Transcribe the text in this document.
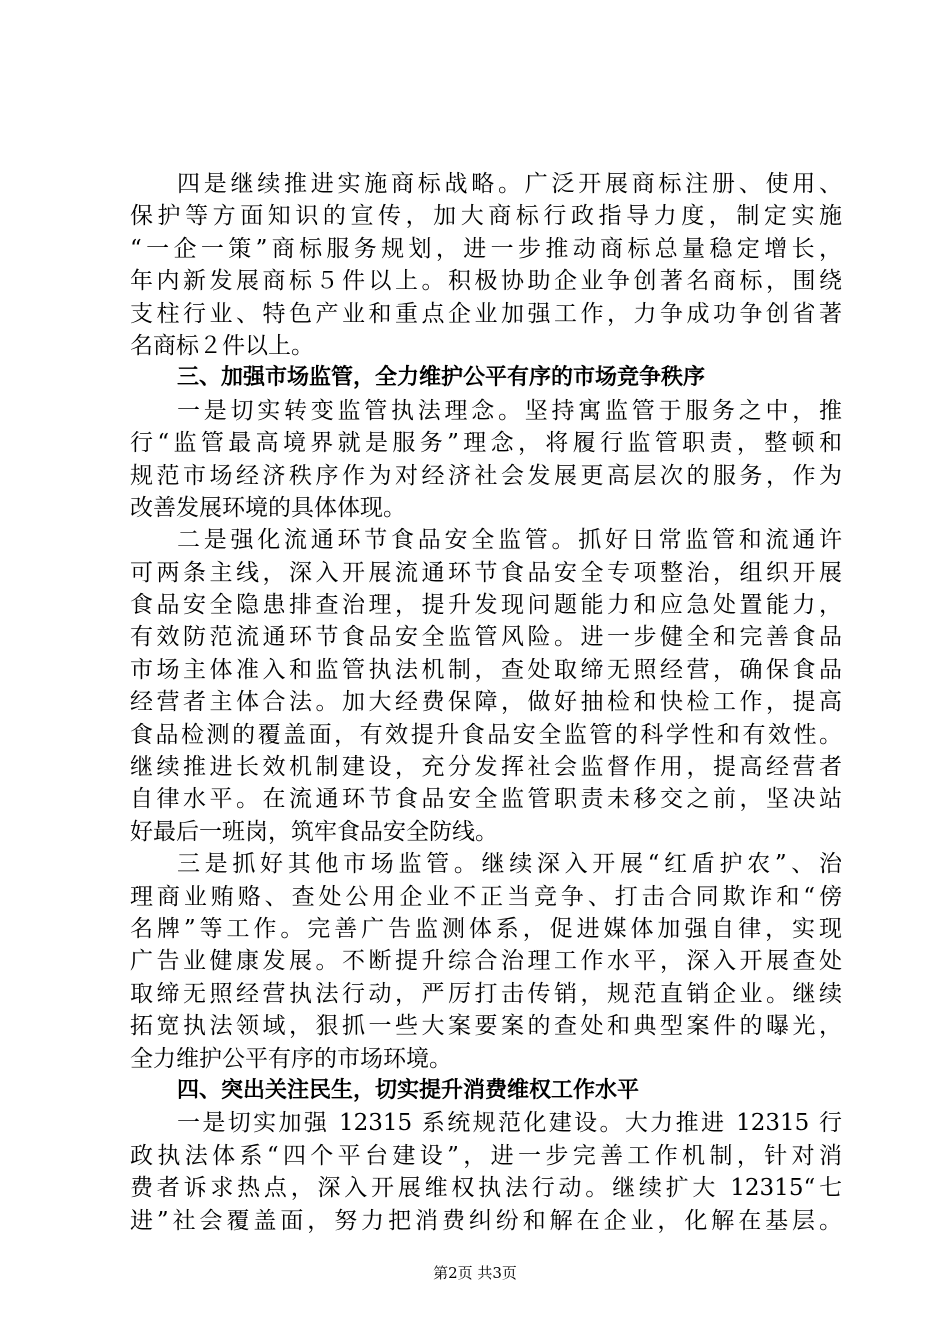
四是继续推进实施商标战略。广泛开展商标注册、使用、
保护等方面知识的宣传，加大商标行政指导力度，制定实施
“一企一策”商标服务规划，进一步推动商标总量稳定增长，
年内新发展商标５件以上。积极协助企业争创著名商标，围绕
支柱行业、特色产业和重点企业加强工作，力争成功争创省著
名商标２件以上。
三、加强市场监管，全力维护公平有序的市场竞争秩序
一是切实转变监管执法理念。坚持寓监管于服务之中，推
行“监管最高境界就是服务”理念，将履行监管职责，整顿和
规范市场经济秩序作为对经济社会发展更高层次的服务，作为
改善发展环境的具体体现。
二是强化流通环节食品安全监管。抓好日常监管和流通许
可两条主线，深入开展流通环节食品安全专项整治，组织开展
食品安全隐患排查治理，提升发现问题能力和应急处置能力，
有效防范流通环节食品安全监管风险。进一步健全和完善食品
市场主体准入和监管执法机制，查处取缔无照经营，确保食品
经营者主体合法。加大经费保障，做好抽检和快检工作，提高
食品检测的覆盖面，有效提升食品安全监管的科学性和有效性。
继续推进长效机制建设，充分发挥社会监督作用，提高经营者
自律水平。在流通环节食品安全监管职责未移交之前，坚决站
好最后一班岗，筑牢食品安全防线。
三是抓好其他市场监管。继续深入开展“红盾护农”、治
理商业贿赂、查处公用企业不正当竞争、打击合同欺诈和“傍
名牌”等工作。完善广告监测体系，促进媒体加强自律，实现
广告业健康发展。不断提升综合治理工作水平，深入开展查处
取缔无照经营执法行动，严厉打击传销，规范直销企业。继续
拓宽执法领域，狠抓一些大案要案的查处和典型案件的曝光，
全力维护公平有序的市场环境。
四、突出关注民生，切实提升消费维权工作水平
一是切实加强 12315 系统规范化建设。大力推进 12315 行
政执法体系“四个平台建设”，进一步完善工作机制，针对消
费者诉求热点，深入开展维权执法行动。继续扩大 12315“七
进”社会覆盖面，努力把消费纠纷和解在企业，化解在基层。
第2页 共3页
